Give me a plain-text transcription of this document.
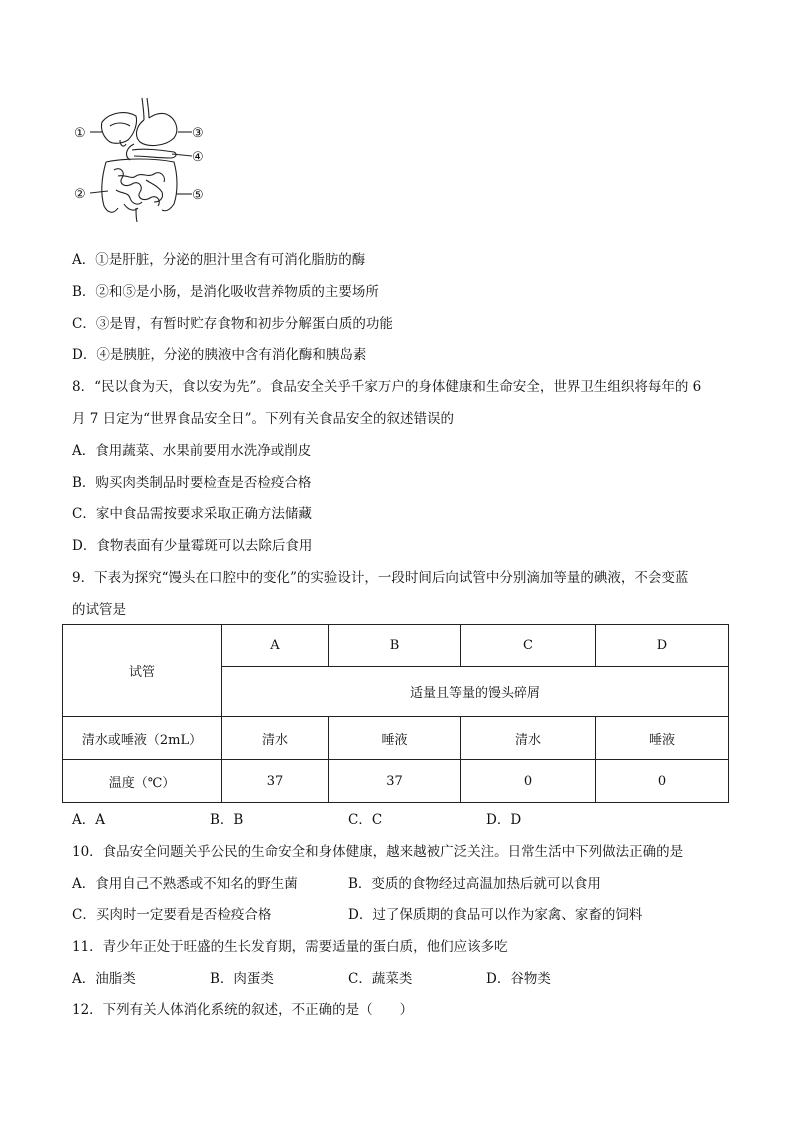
①
②
③
④
⑤
A．①是肝脏，分泌的胆汁里含有可消化脂肪的酶
B．②和⑤是小肠，是消化吸收营养物质的主要场所
C．③是胃，有暂时贮存食物和初步分解蛋白质的功能
D．④是胰脏，分泌的胰液中含有消化酶和胰岛素
8．“民以食为天，食以安为先”。食品安全关乎千家万户的身体健康和生命安全，世界卫生组织将每年的 6
月 7 日定为“世界食品安全日”。下列有关食品安全的叙述错误的
A．食用蔬菜、水果前要用水洗净或削皮
B．购买肉类制品时要检查是否检疫合格
C．家中食品需按要求采取正确方法储藏
D．食物表面有少量霉斑可以去除后食用
9．下表为探究“馒头在口腔中的变化”的实验设计，一段时间后向试管中分别滴加等量的碘液，不会变蓝
的试管是
试管	A	B	C	D
	适量且等量的馒头碎屑			
清水或唾液（2mL）	清水	唾液	清水	唾液
温度（℃）	37	37	0	0
A．A	B．B	C．C	D．D
10．食品安全问题关乎公民的生命安全和身体健康，越来越被广泛关注。日常生活中下列做法正确的是
A．食用自己不熟悉或不知名的野生菌	B．变质的食物经过高温加热后就可以食用
C．买肉时一定要看是否检疫合格	D．过了保质期的食品可以作为家禽、家畜的饲料
11．青少年正处于旺盛的生长发育期，需要适量的蛋白质，他们应该多吃
A．油脂类	B．肉蛋类	C．蔬菜类	D．谷物类
12．下列有关人体消化系统的叙述，不正确的是（　　）
